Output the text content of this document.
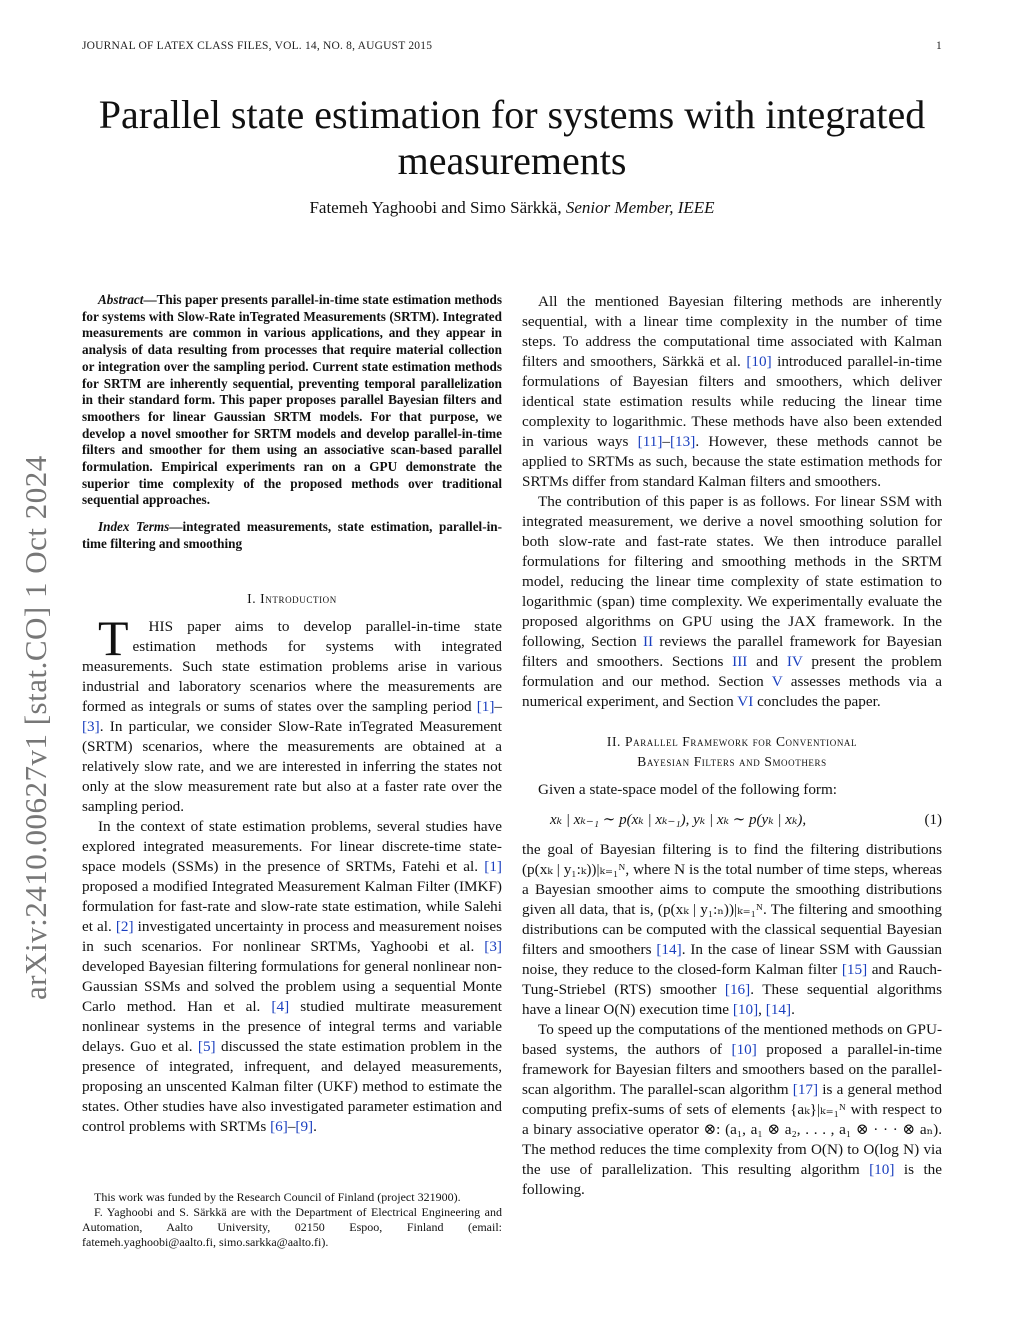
JOURNAL OF LATEX CLASS FILES, VOL. 14, NO. 8, AUGUST 2015	1
Parallel state estimation for systems with integrated measurements
Fatemeh Yaghoobi and Simo Särkkä, Senior Member, IEEE
arXiv:2410.00627v1 [stat.CO] 1 Oct 2024

Abstract—This paper presents parallel-in-time state estimation methods for systems with Slow-Rate inTegrated Measurements (SRTM). Integrated measurements are common in various applications, and they appear in analysis of data resulting from processes that require material collection or integration over the sampling period. Current state estimation methods for SRTM are inherently sequential, preventing temporal parallelization in their standard form. This paper proposes parallel Bayesian filters and smoothers for linear Gaussian SRTM models. For that purpose, we develop a novel smoother for SRTM models and develop parallel-in-time filters and smoother for them using an associative scan-based parallel formulation. Empirical experiments ran on a GPU demonstrate the superior time complexity of the proposed methods over traditional sequential approaches.

Index Terms—integrated measurements, state estimation, parallel-in-time filtering and smoothing

I. Introduction

THIS paper aims to develop parallel-in-time state estimation methods for systems with integrated measurements. Such state estimation problems arise in various industrial and laboratory scenarios where the measurements are formed as integrals or sums of states over the sampling period [1]–[3]. In particular, we consider Slow-Rate inTegrated Measurement (SRTM) scenarios, where the measurements are obtained at a relatively slow rate, and we are interested in inferring the states not only at the slow measurement rate but also at a faster rate over the sampling period.

In the context of state estimation problems, several studies have explored integrated measurements. For linear discrete-time state-space models (SSMs) in the presence of SRTMs, Fatehi et al. [1] proposed a modified Integrated Measurement Kalman Filter (IMKF) formulation for fast-rate and slow-rate state estimation, while Salehi et al. [2] investigated uncertainty in process and measurement noises in such scenarios. For nonlinear SRTMs, Yaghoobi et al. [3] developed Bayesian filtering formulations for general nonlinear non-Gaussian SSMs and solved the problem using a sequential Monte Carlo method. Han et al. [4] studied multirate measurement nonlinear systems in the presence of integral terms and variable delays. Guo et al. [5] discussed the state estimation problem in the presence of integrated, infrequent, and delayed measurements, proposing an unscented Kalman filter (UKF) method to estimate the states. Other studies have also investigated parameter estimation and control problems with SRTMs [6]–[9].

This work was funded by the Research Council of Finland (project 321900).

F. Yaghoobi and S. Särkkä are with the Department of Electrical Engineering and Automation, Aalto University, 02150 Espoo, Finland (email: fatemeh.yaghoobi@aalto.fi, simo.sarkka@aalto.fi).

All the mentioned Bayesian filtering methods are inherently sequential, with a linear time complexity in the number of time steps. To address the computational time associated with Kalman filters and smoothers, Särkkä et al. [10] introduced parallel-in-time formulations of Bayesian filters and smoothers, which deliver identical state estimation results while reducing the linear time complexity to logarithmic. These methods have also been extended in various ways [11]–[13]. However, these methods cannot be applied to SRTMs as such, because the state estimation methods for SRTMs differ from standard Kalman filters and smoothers.

The contribution of this paper is as follows. For linear SSM with integrated measurement, we derive a novel smoothing solution for both slow-rate and fast-rate states. We then introduce parallel formulations for filtering and smoothing methods in the SRTM model, reducing the linear time complexity of state estimation to logarithmic (span) time complexity. We experimentally evaluate the proposed algorithms on GPU using the JAX framework. In the following, Section II reviews the parallel framework for Bayesian filters and smoothers. Sections III and IV present the problem formulation and our method. Section V assesses methods via a numerical experiment, and Section VI concludes the paper.

II. Parallel Framework for Conventional
Bayesian Filters and Smoothers

Given a state-space model of the following form:

xₖ | xₖ₋₁ ∼ p(xₖ | xₖ₋₁), yₖ | xₖ ∼ p(yₖ | xₖ),	(1)

the goal of Bayesian filtering is to find the filtering distributions (p(xₖ | y₁:ₖ))|ₖ₌₁ᴺ, where N is the total number of time steps, whereas a Bayesian smoother aims to compute the smoothing distributions given all data, that is, (p(xₖ | y₁:ₙ))|ₖ₌₁ᴺ. The filtering and smoothing distributions can be computed with the classical sequential Bayesian filters and smoothers [14]. In the case of linear SSM with Gaussian noise, they reduce to the closed-form Kalman filter [15] and Rauch-Tung-Striebel (RTS) smoother [16]. These sequential algorithms have a linear O(N) execution time [10], [14].

To speed up the computations of the mentioned methods on GPU-based systems, the authors of [10] proposed a parallel-in-time framework for Bayesian filters and smoothers based on the parallel-scan algorithm. The parallel-scan algorithm [17] is a general method computing prefix-sums of sets of elements {aₖ}|ₖ₌₁ᴺ with respect to a binary associative operator ⊗: (a₁, a₁ ⊗ a₂, . . . , a₁ ⊗ · · · ⊗ aₙ). The method reduces the time complexity from O(N) to O(log N) via the use of parallelization. This resulting algorithm [10] is the following.
